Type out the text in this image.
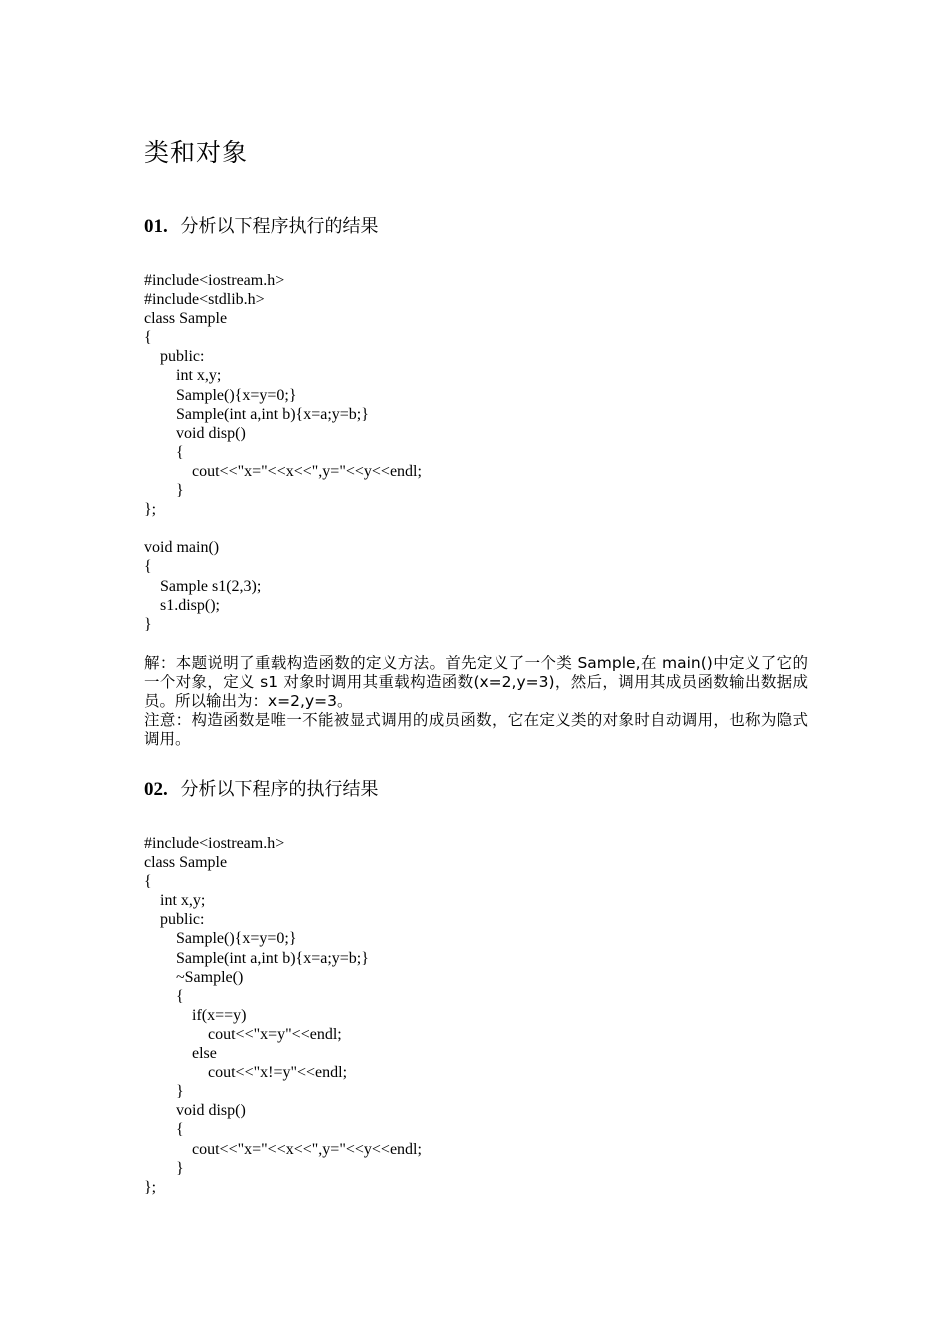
类和对象
01. 分析以下程序执行的结果
#include<iostream.h>
#include<stdlib.h>
class Sample
{
public:
int x,y;
Sample(){x=y=0;}
Sample(int a,int b){x=a;y=b;}
void disp()
{
cout<<"x="<<x<<",y="<<y<<endl;
}
};
void main()
{
Sample s1(2,3);
s1.disp();
}

解：本题说明了重载构造函数的定义方法。首先定义了一个类 Sample,在 main()中定义了它的一个对象，定义 s1 对象时调用其重载构造函数(x=2,y=3)，然后，调用其成员函数输出数据成员。所以输出为：x=2,y=3。

注意：构造函数是唯一不能被显式调用的成员函数，它在定义类的对象时自动调用，也称为隐式调用。

02. 分析以下程序的执行结果
#include<iostream.h>
class Sample
{
int x,y;
public:
Sample(){x=y=0;}
Sample(int a,int b){x=a;y=b;}
~Sample()
{
if(x==y)
cout<<"x=y"<<endl;
else
cout<<"x!=y"<<endl;
}
void disp()
{
cout<<"x="<<x<<",y="<<y<<endl;
}
};
